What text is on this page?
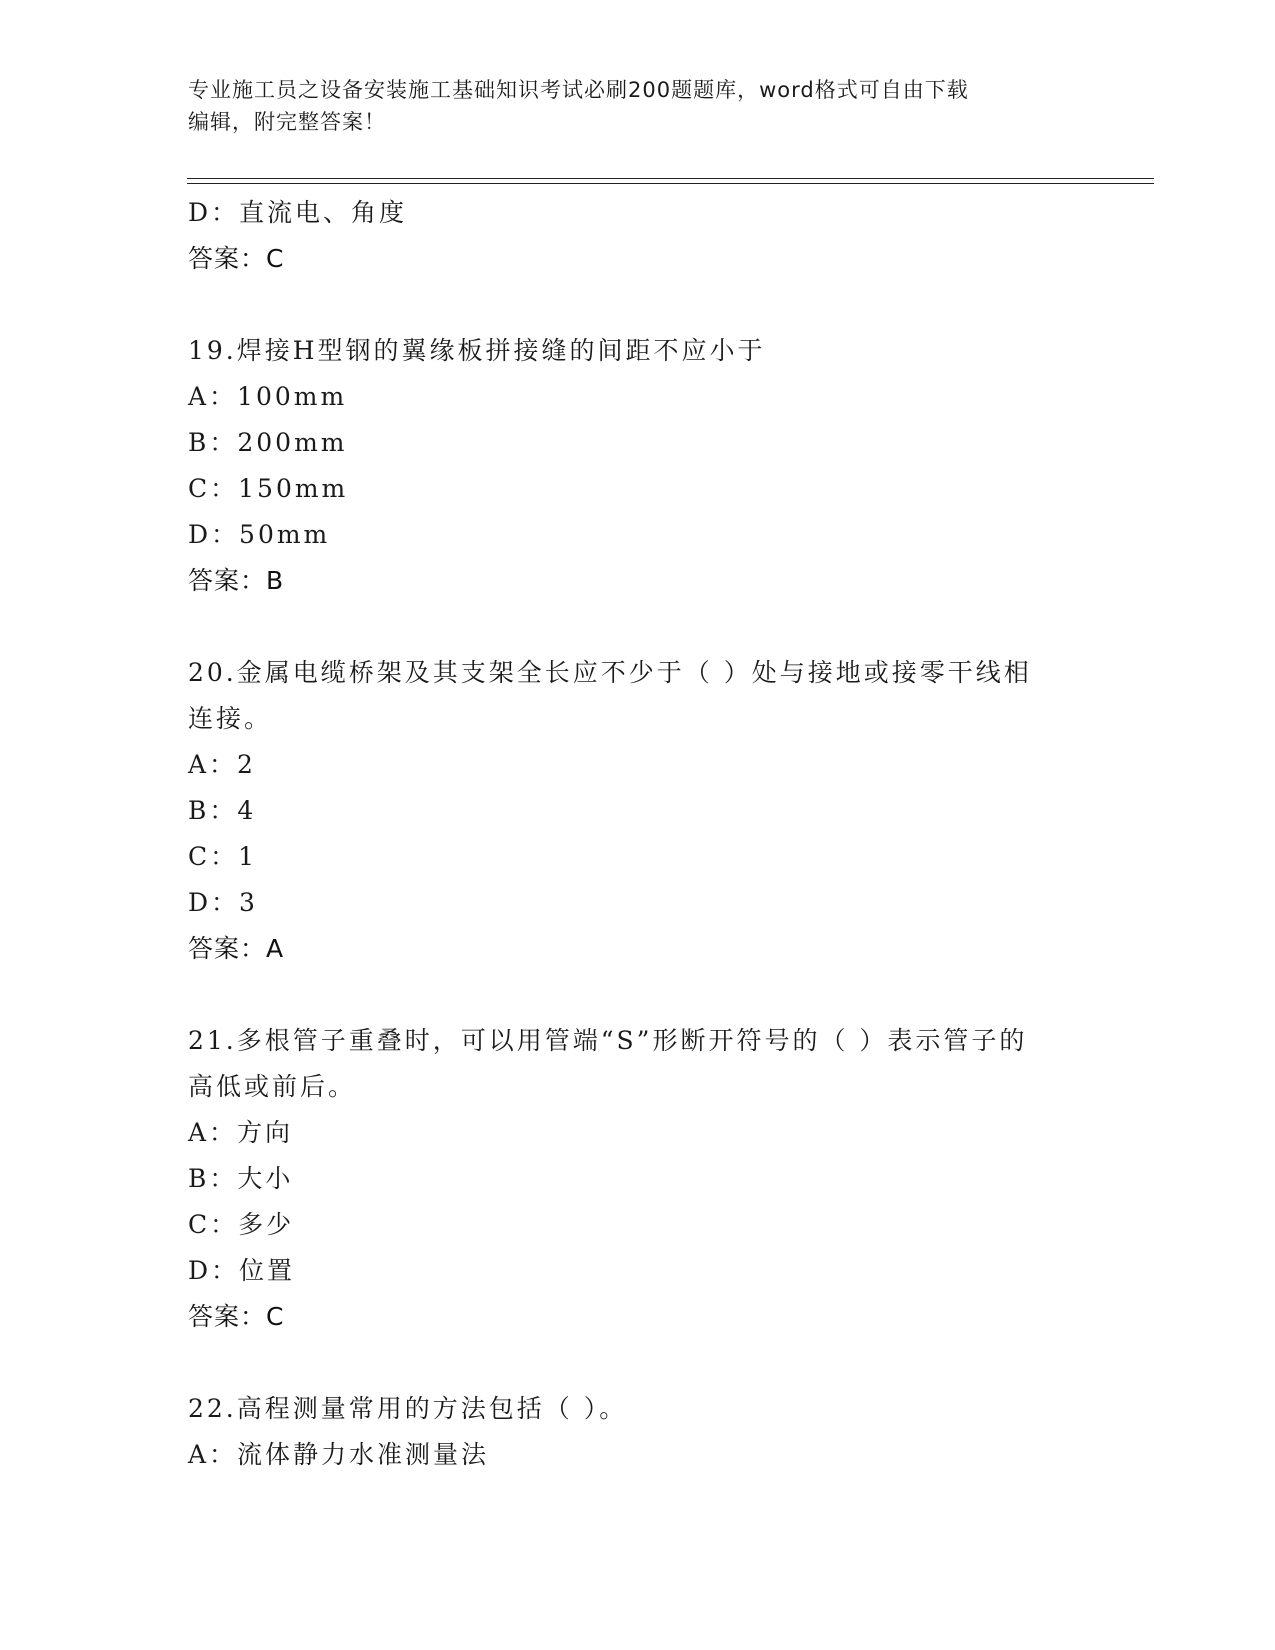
专业施工员之设备安装施工基础知识考试必刷200题题库，word格式可自由下载

编辑，附完整答案！

D：直流电、角度
答案：C
19.焊接H型钢的翼缘板拼接缝的间距不应小于
A：100mm
B：200mm
C：150mm
D：50mm
答案：B
20.金属电缆桥架及其支架全长应不少于（ ）处与接地或接零干线相
连接。
A：2
B：4
C：1
D：3
答案：A
21.多根管子重叠时，可以用管端“S”形断开符号的（ ）表示管子的
高低或前后。
A：方向
B：大小
C：多少
D：位置
答案：C
22.高程测量常用的方法包括（ ）。
A：流体静力水准测量法
